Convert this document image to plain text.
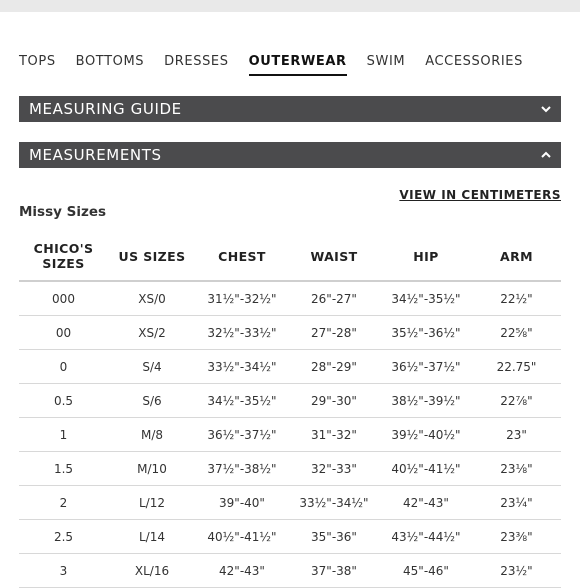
TOPS BOTTOMS DRESSES OUTERWEAR SWIM ACCESSORIES
MEASURING GUIDE
MEASUREMENTS
VIEW IN CENTIMETERS
Missy Sizes
CHICO'S
SIZES	US SIZES	CHEST	WAIST	HIP	ARM
000	XS/0	31½"-32½"	26"-27"	34½"-35½"	22½"
00	XS/2	32½"-33½"	27"-28"	35½"-36½"	22⅝"
0	S/4	33½"-34½"	28"-29"	36½"-37½"	22.75"
0.5	S/6	34½"-35½"	29"-30"	38½"-39½"	22⅞"
1	M/8	36½"-37½"	31"-32"	39½"-40½"	23"
1.5	M/10	37½"-38½"	32"-33"	40½"-41½"	23⅛"
2	L/12	39"-40"	33½"-34½"	42"-43"	23¼"
2.5	L/14	40½"-41½"	35"-36"	43½"-44½"	23⅜"
3	XL/16	42"-43"	37"-38"	45"-46"	23½"
